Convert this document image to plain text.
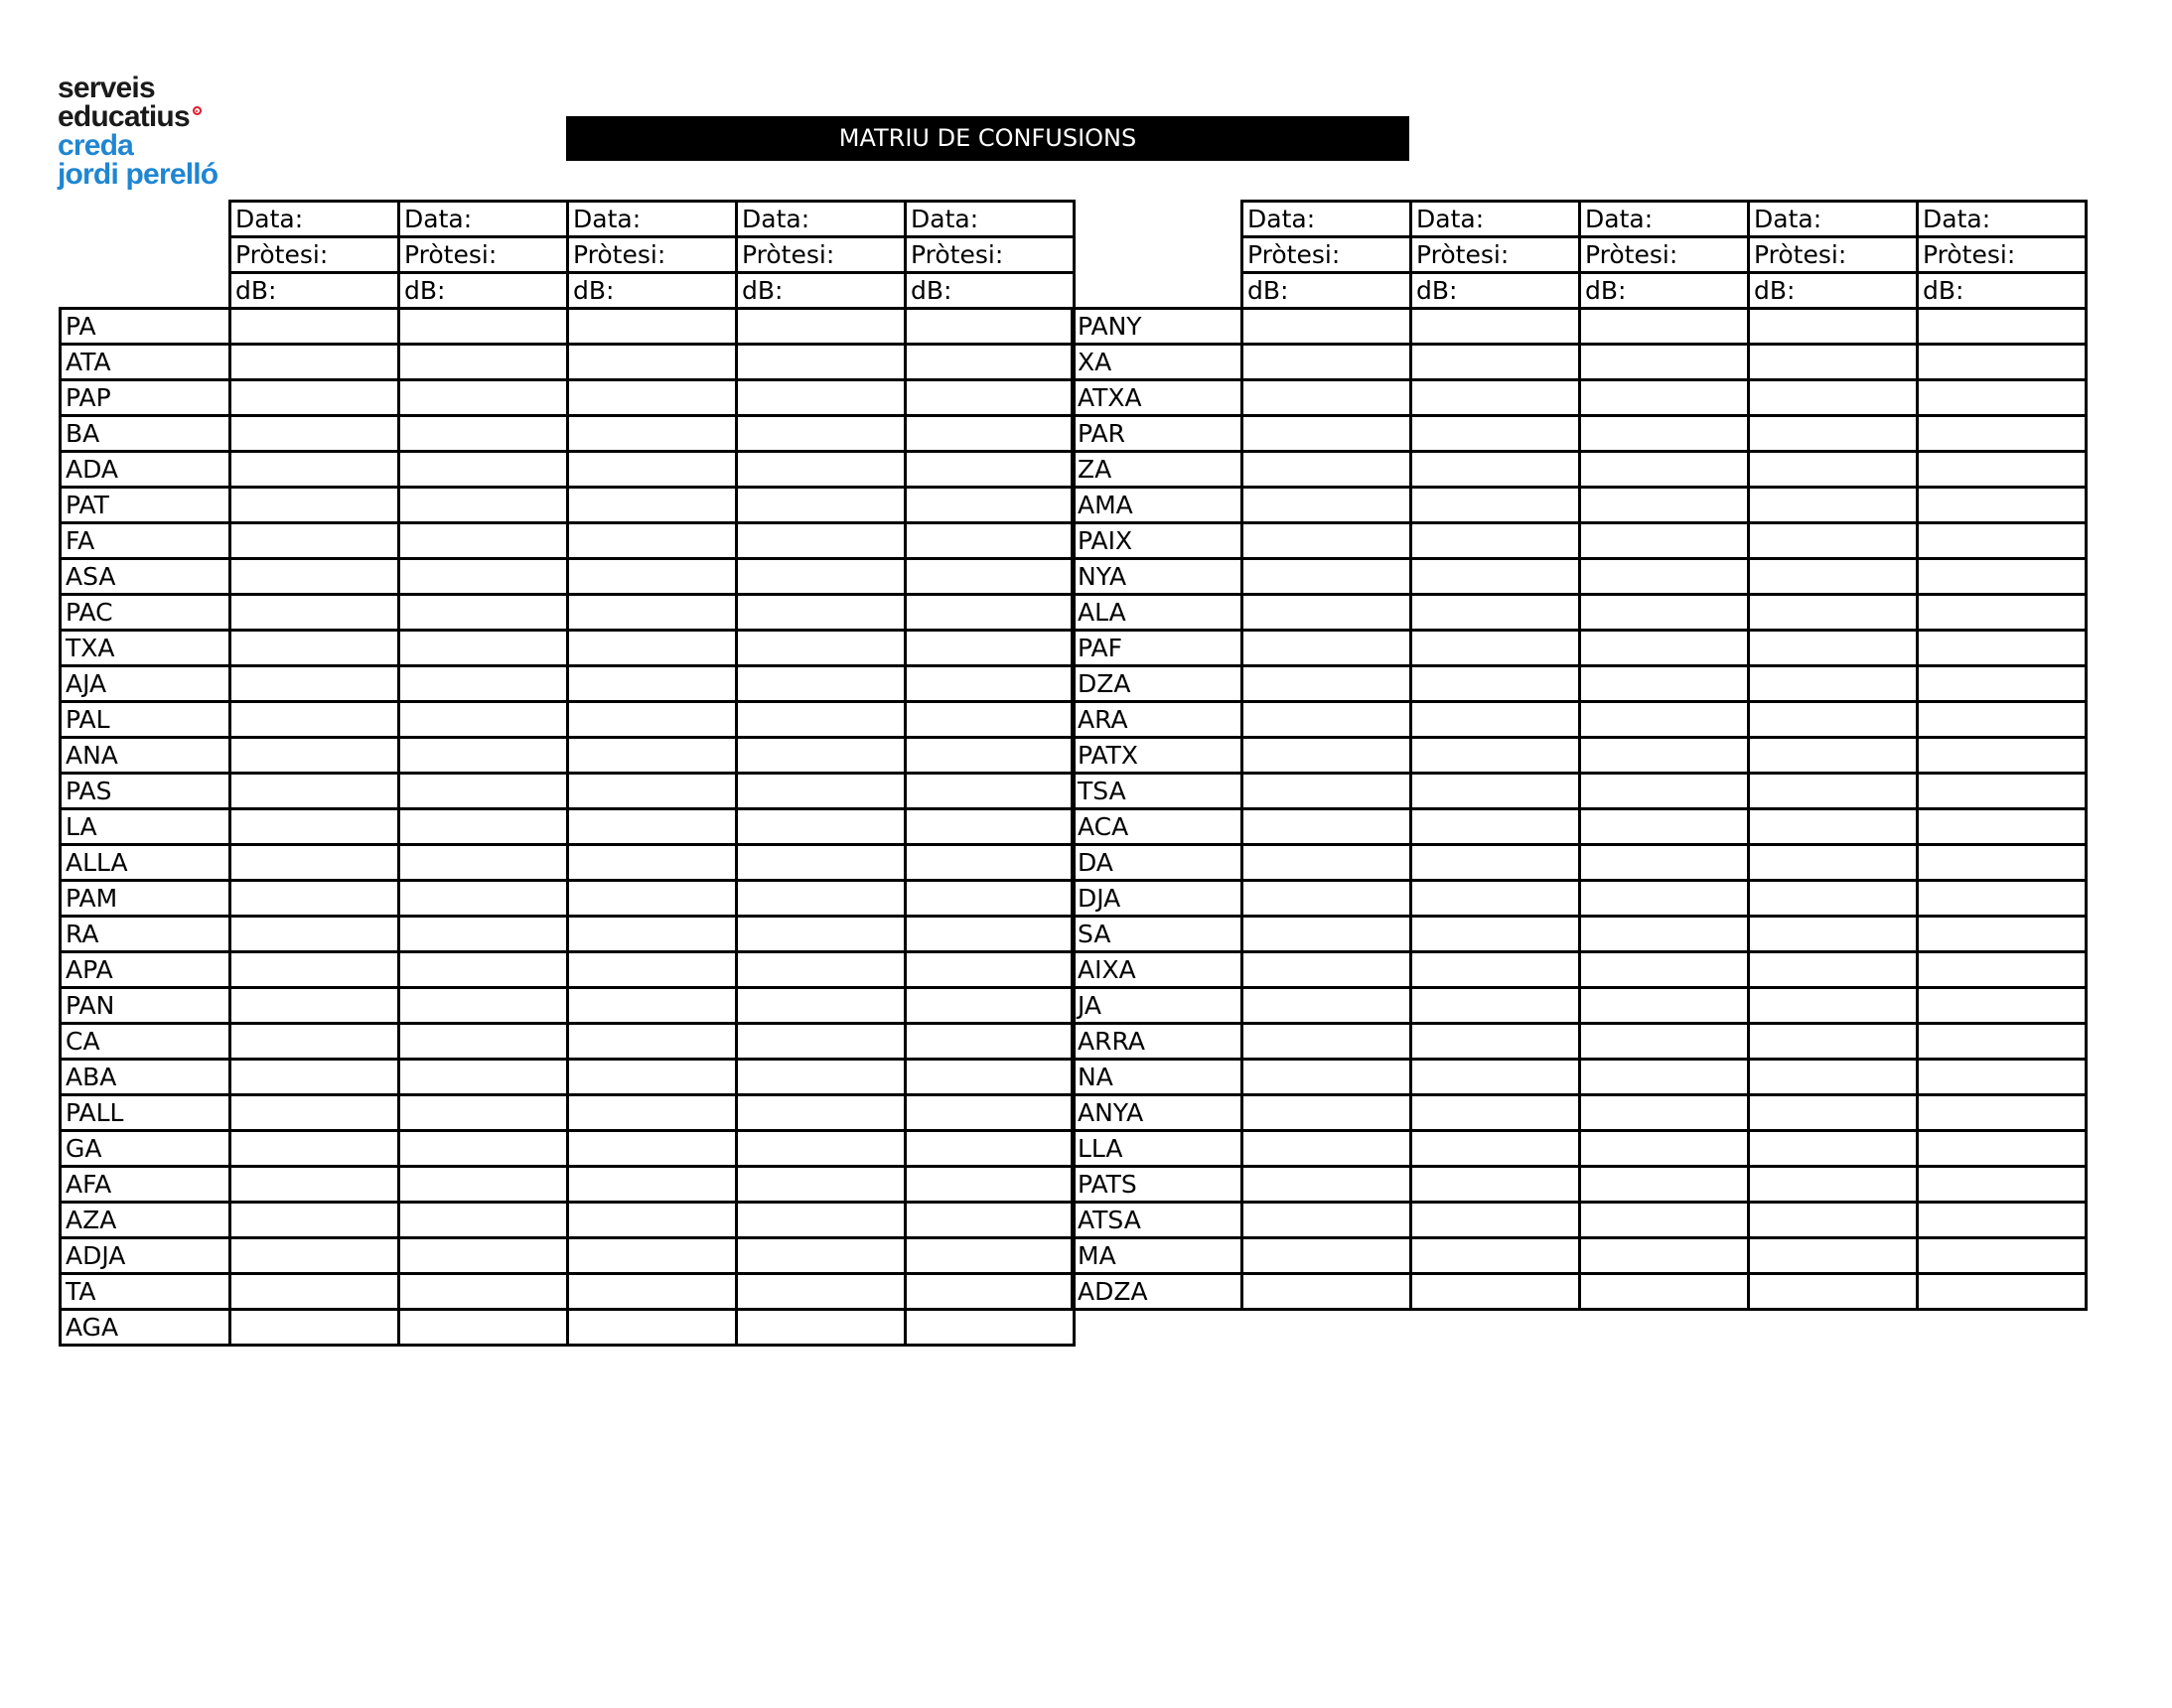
serveis
educatius
creda
jordi perelló
MATRIU DE CONFUSIONS
	Data:	Data:	Data:	Data:	Data:
	Pròtesi:	Pròtesi:	Pròtesi:	Pròtesi:	Pròtesi:
	dB:	dB:	dB:	dB:	dB:
PA					
ATA					
PAP					
BA					
ADA					
PAT					
FA					
ASA					
PAC					
TXA					
AJA					
PAL					
ANA					
PAS					
LA					
ALLA					
PAM					
RA					
APA					
PAN					
CA					
ABA					
PALL					
GA					
AFA					
AZA					
ADJA					
TA					
AGA					
	Data:	Data:	Data:	Data:	Data:
	Pròtesi:	Pròtesi:	Pròtesi:	Pròtesi:	Pròtesi:
	dB:	dB:	dB:	dB:	dB:
PANY					
XA					
ATXA					
PAR					
ZA					
AMA					
PAIX					
NYA					
ALA					
PAF					
DZA					
ARA					
PATX					
TSA					
ACA					
DA					
DJA					
SA					
AIXA					
JA					
ARRA					
NA					
ANYA					
LLA					
PATS					
ATSA					
MA					
ADZA					
